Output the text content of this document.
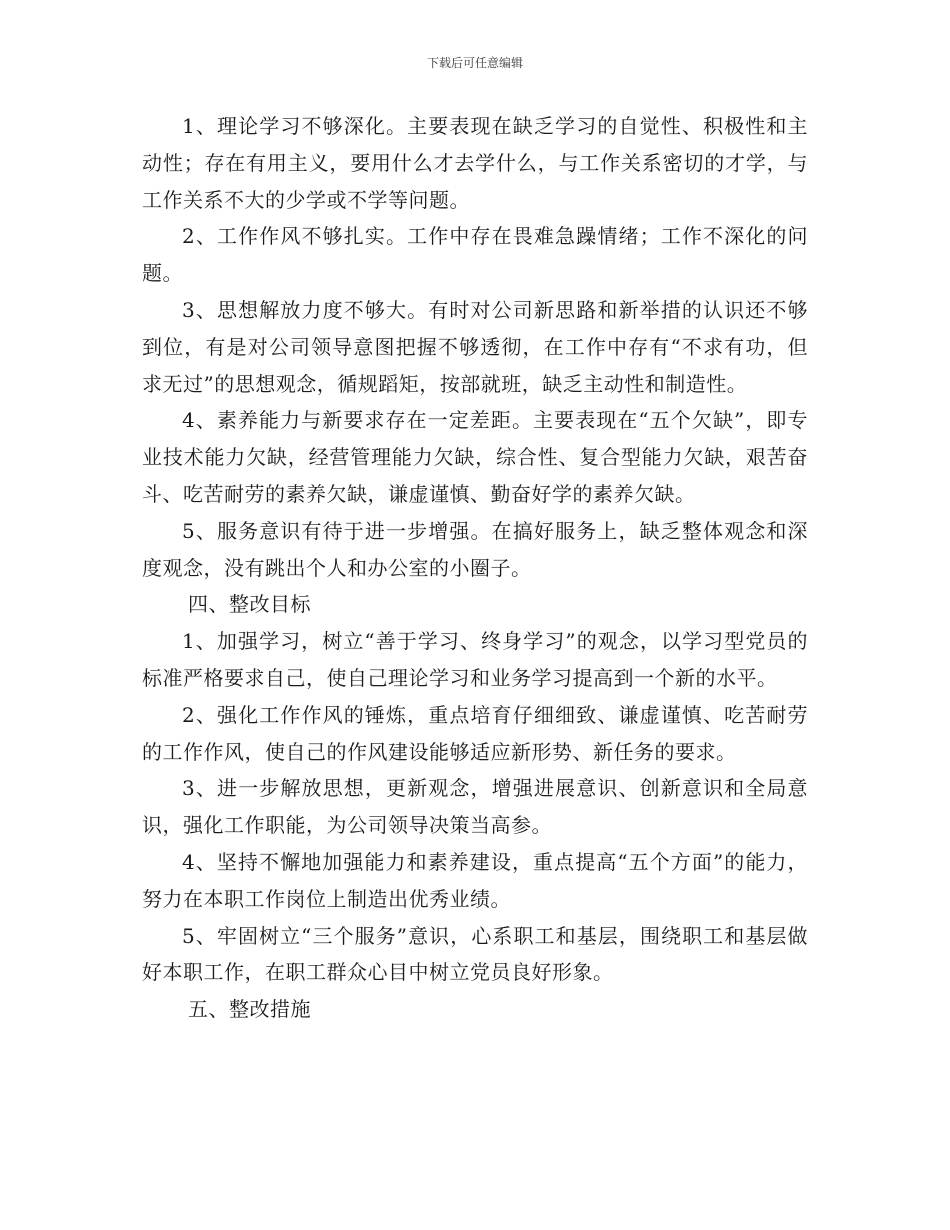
下载后可任意编辑

1、理论学习不够深化。主要表现在缺乏学习的自觉性、积极性和主动性；存在有用主义，要用什么才去学什么，与工作关系密切的才学，与工作关系不大的少学或不学等问题。

2、工作作风不够扎实。工作中存在畏难急躁情绪；工作不深化的问题。

3、思想解放力度不够大。有时对公司新思路和新举措的认识还不够到位，有是对公司领导意图把握不够透彻，在工作中存有“不求有功，但求无过”的思想观念，循规蹈矩，按部就班，缺乏主动性和制造性。

4、素养能力与新要求存在一定差距。主要表现在“五个欠缺”，即专业技术能力欠缺，经营管理能力欠缺，综合性、复合型能力欠缺，艰苦奋斗、吃苦耐劳的素养欠缺，谦虚谨慎、勤奋好学的素养欠缺。

5、服务意识有待于进一步增强。在搞好服务上，缺乏整体观念和深度观念，没有跳出个人和办公室的小圈子。

四、整改目标

1、加强学习，树立“善于学习、终身学习”的观念，以学习型党员的标准严格要求自己，使自己理论学习和业务学习提高到一个新的水平。

2、强化工作作风的锤炼，重点培育仔细细致、谦虚谨慎、吃苦耐劳的工作作风，使自己的作风建设能够适应新形势、新任务的要求。

3、进一步解放思想，更新观念，增强进展意识、创新意识和全局意识，强化工作职能，为公司领导决策当高参。

4、坚持不懈地加强能力和素养建设，重点提高“五个方面”的能力，努力在本职工作岗位上制造出优秀业绩。

5、牢固树立“三个服务”意识，心系职工和基层，围绕职工和基层做好本职工作，在职工群众心目中树立党员良好形象。

五、整改措施
